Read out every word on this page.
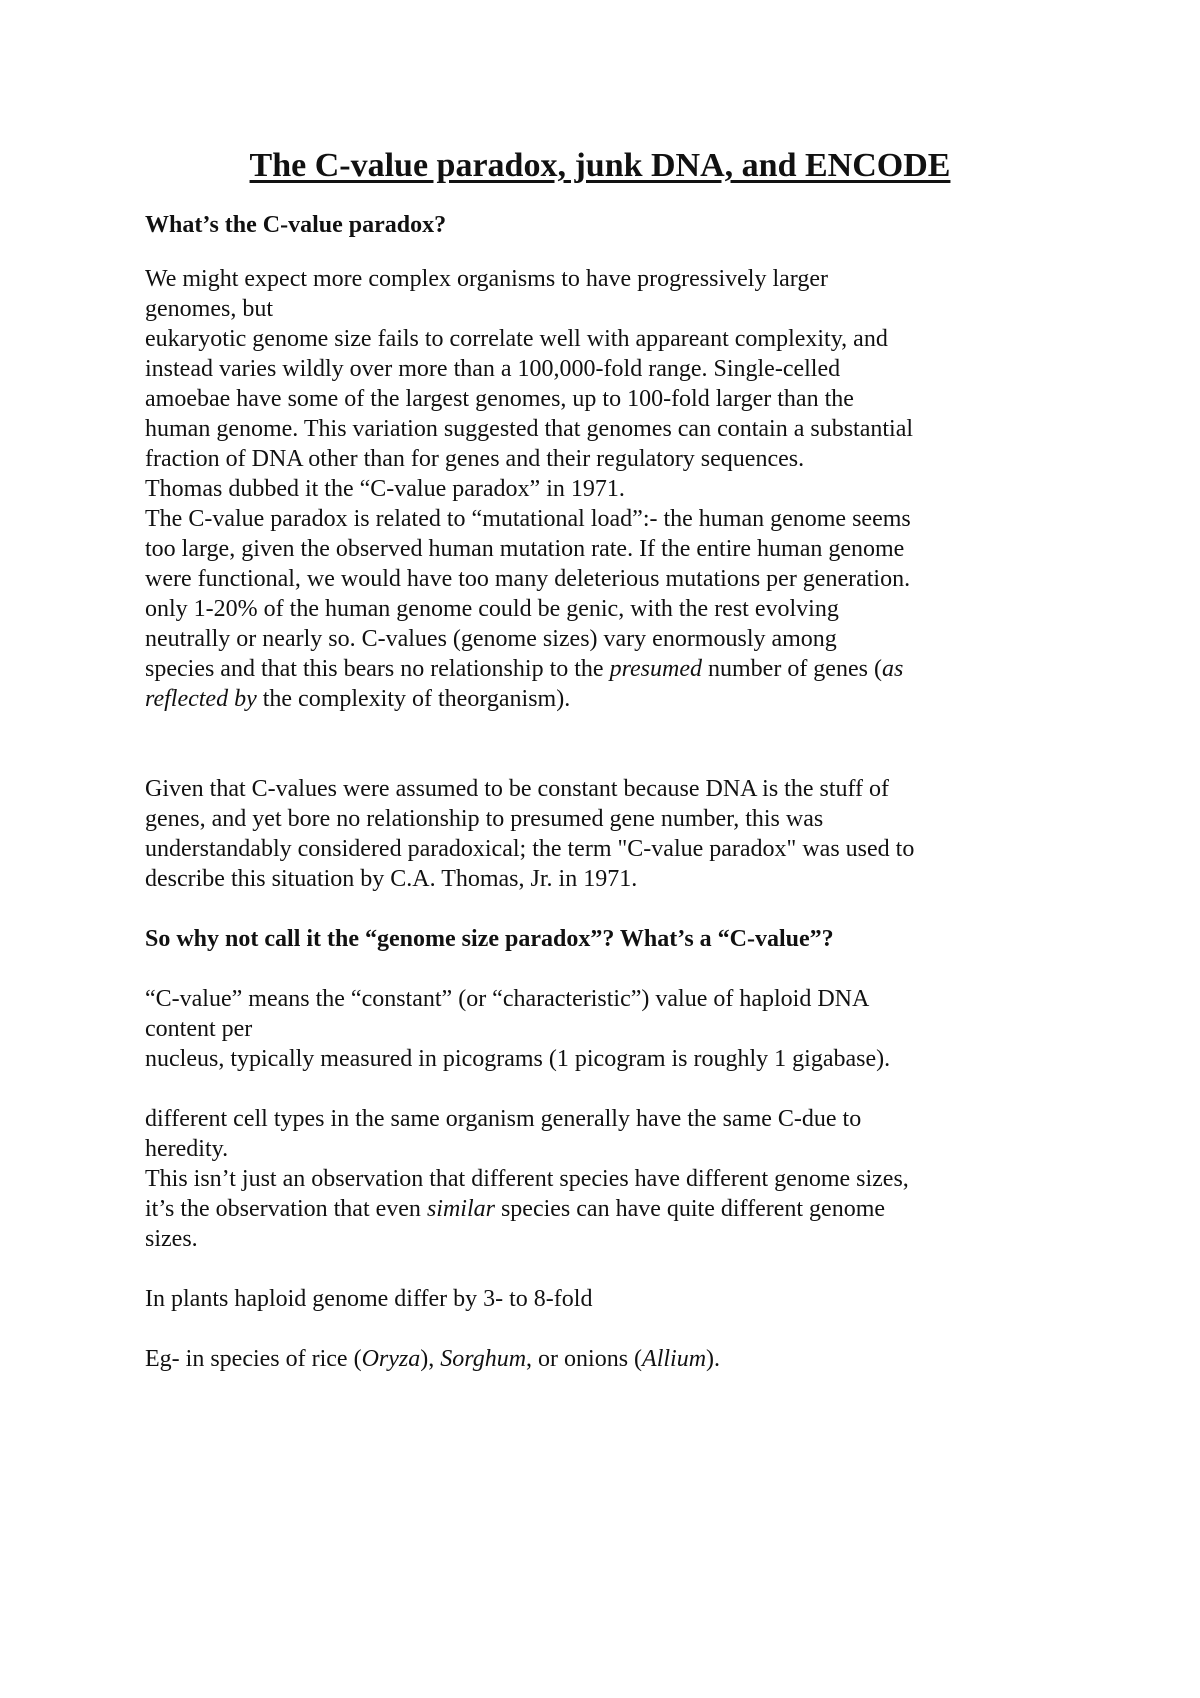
The C-value paradox, junk DNA, and ENCODE
What’s the C-value paradox?
We might expect more complex organisms to have progressively larger
genomes, but
eukaryotic genome size fails to correlate well with appareant complexity, and
instead varies wildly over more than a 100,000-fold range. Single-celled
amoebae have some of the largest genomes, up to 100-fold larger than the
human genome. This variation suggested that genomes can contain a substantial
fraction of DNA other than for genes and their regulatory sequences.
Thomas dubbed it the “C-value paradox” in 1971.
The C-value paradox is related to “mutational load”:- the human genome seems
too large, given the observed human mutation rate. If the entire human genome
were functional, we would have too many deleterious mutations per generation.
only 1-20% of the human genome could be genic, with the rest evolving
neutrally or nearly so. C-values (genome sizes) vary enormously among
species and that this bears no relationship to the presumed number of genes (as
reflected by the complexity of theorganism).
Given that C-values were assumed to be constant because DNA is the stuff of
genes, and yet bore no relationship to presumed gene number, this was
understandably considered paradoxical; the term "C-value paradox" was used to
describe this situation by C.A. Thomas, Jr. in 1971.
So why not call it the “genome size paradox”? What’s a “C-value”?
“C-value” means the “constant” (or “characteristic”) value of haploid DNA
content per
nucleus, typically measured in picograms (1 picogram is roughly 1 gigabase).
different cell types in the same organism generally have the same C-due to
heredity.
This isn’t just an observation that different species have different genome sizes,
it’s the observation that even similar species can have quite different genome
sizes.
In plants haploid genome differ by 3- to 8-fold
Eg- in species of rice (Oryza), Sorghum, or onions (Allium).
